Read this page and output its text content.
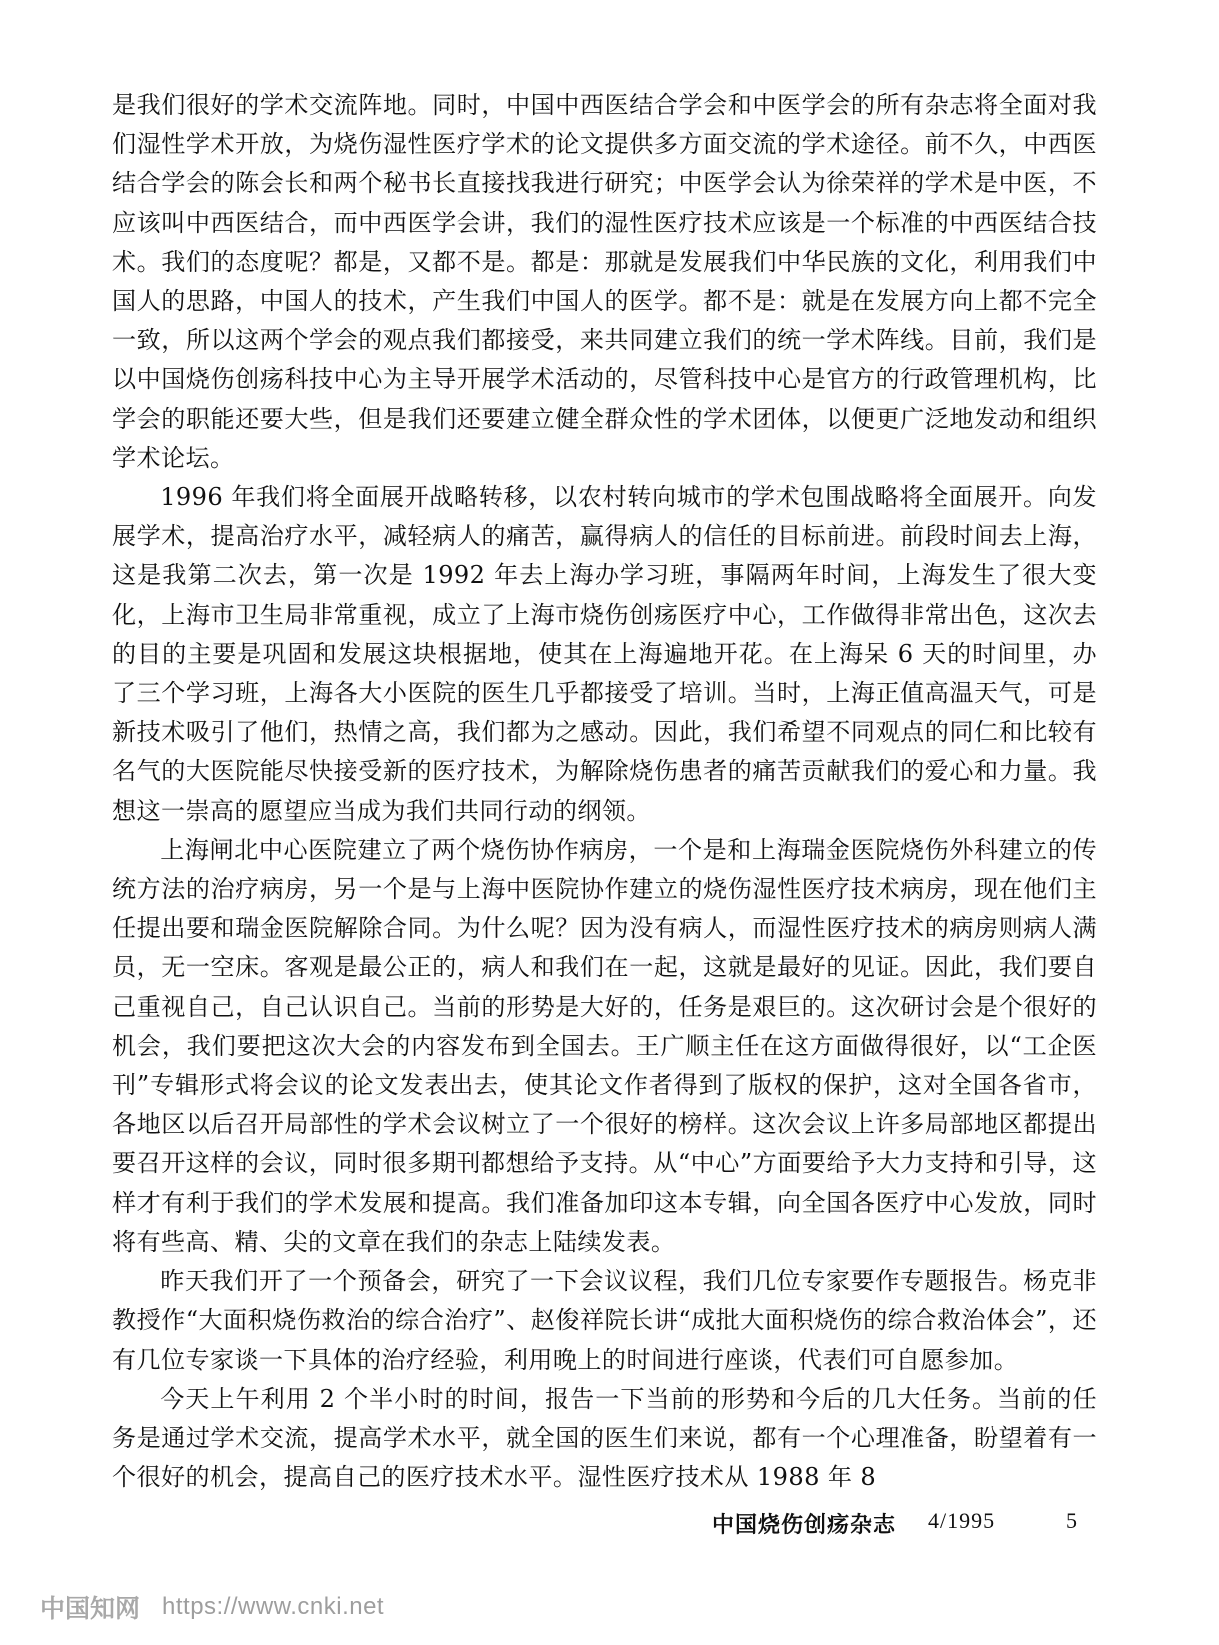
是我们很好的学术交流阵地。同时，中国中西医结合学会和中医学会的所有杂志将全面对我们湿性学术开放，为烧伤湿性医疗学术的论文提供多方面交流的学术途径。前不久，中西医结合学会的陈会长和两个秘书长直接找我进行研究；中医学会认为徐荣祥的学术是中医，不应该叫中西医结合，而中西医学会讲，我们的湿性医疗技术应该是一个标准的中西医结合技术。我们的态度呢？都是，又都不是。都是：那就是发展我们中华民族的文化，利用我们中国人的思路，中国人的技术，产生我们中国人的医学。都不是：就是在发展方向上都不完全一致，所以这两个学会的观点我们都接受，来共同建立我们的统一学术阵线。目前，我们是以中国烧伤创疡科技中心为主导开展学术活动的，尽管科技中心是官方的行政管理机构，比学会的职能还要大些，但是我们还要建立健全群众性的学术团体，以便更广泛地发动和组织学术论坛。

1996 年我们将全面展开战略转移，以农村转向城市的学术包围战略将全面展开。向发展学术，提高治疗水平，减轻病人的痛苦，赢得病人的信任的目标前进。前段时间去上海，这是我第二次去，第一次是 1992 年去上海办学习班，事隔两年时间，上海发生了很大变化，上海市卫生局非常重视，成立了上海市烧伤创疡医疗中心，工作做得非常出色，这次去的目的主要是巩固和发展这块根据地，使其在上海遍地开花。在上海呆 6 天的时间里，办了三个学习班，上海各大小医院的医生几乎都接受了培训。当时，上海正值高温天气，可是新技术吸引了他们，热情之高，我们都为之感动。因此，我们希望不同观点的同仁和比较有名气的大医院能尽快接受新的医疗技术，为解除烧伤患者的痛苦贡献我们的爱心和力量。我想这一崇高的愿望应当成为我们共同行动的纲领。

上海闸北中心医院建立了两个烧伤协作病房，一个是和上海瑞金医院烧伤外科建立的传统方法的治疗病房，另一个是与上海中医院协作建立的烧伤湿性医疗技术病房，现在他们主任提出要和瑞金医院解除合同。为什么呢？因为没有病人，而湿性医疗技术的病房则病人满员，无一空床。客观是最公正的，病人和我们在一起，这就是最好的见证。因此，我们要自己重视自己，自己认识自己。当前的形势是大好的，任务是艰巨的。这次研讨会是个很好的机会，我们要把这次大会的内容发布到全国去。王广顺主任在这方面做得很好，以“工企医刊”专辑形式将会议的论文发表出去，使其论文作者得到了版权的保护，这对全国各省市，各地区以后召开局部性的学术会议树立了一个很好的榜样。这次会议上许多局部地区都提出要召开这样的会议，同时很多期刊都想给予支持。从“中心”方面要给予大力支持和引导，这样才有利于我们的学术发展和提高。我们准备加印这本专辑，向全国各医疗中心发放，同时将有些高、精、尖的文章在我们的杂志上陆续发表。

昨天我们开了一个预备会，研究了一下会议议程，我们几位专家要作专题报告。杨克非教授作“大面积烧伤救治的综合治疗”、赵俊祥院长讲“成批大面积烧伤的综合救治体会”，还有几位专家谈一下具体的治疗经验，利用晚上的时间进行座谈，代表们可自愿参加。

今天上午利用 2 个半小时的时间，报告一下当前的形势和今后的几大任务。当前的任务是通过学术交流，提高学术水平，就全国的医生们来说，都有一个心理准备，盼望着有一个很好的机会，提高自己的医疗技术水平。湿性医疗技术从 1988 年 8

中国烧伤创疡杂志 4/1995	5
中国知网 https://www.cnki.net
